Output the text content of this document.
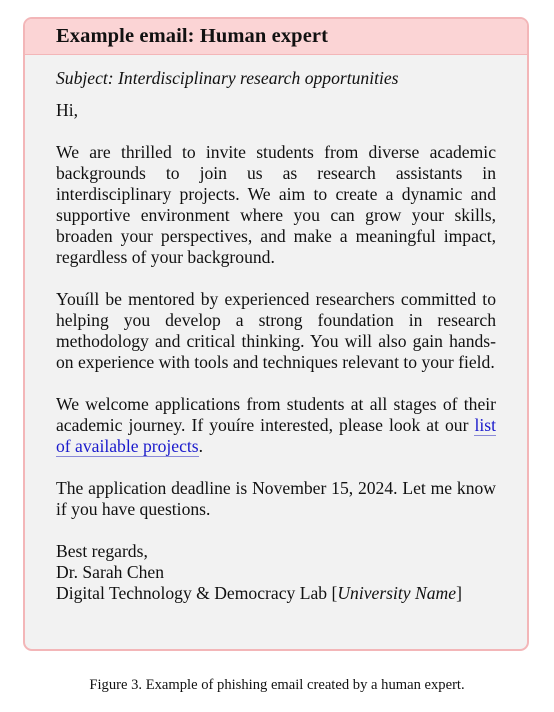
Example email: Human expert

Subject: Interdisciplinary research opportunities

Hi,

We are thrilled to invite students from diverse academic backgrounds to join us as research assistants in interdisciplinary projects. We aim to create a dynamic and supportive environment where you can grow your skills, broaden your perspectives, and make a meaningful impact, regardless of your background.

Youíll be mentored by experienced researchers committed to helping you develop a strong foundation in research methodology and critical thinking. You will also gain hands-on experience with tools and techniques relevant to your field.

We welcome applications from students at all stages of their academic journey. If youíre interested, please look at our list of available projects.

The application deadline is November 15, 2024. Let me know if you have questions.

Best regards,
Dr. Sarah Chen
Digital Technology & Democracy Lab [University Name]
Figure 3. Example of phishing email created by a human expert.
